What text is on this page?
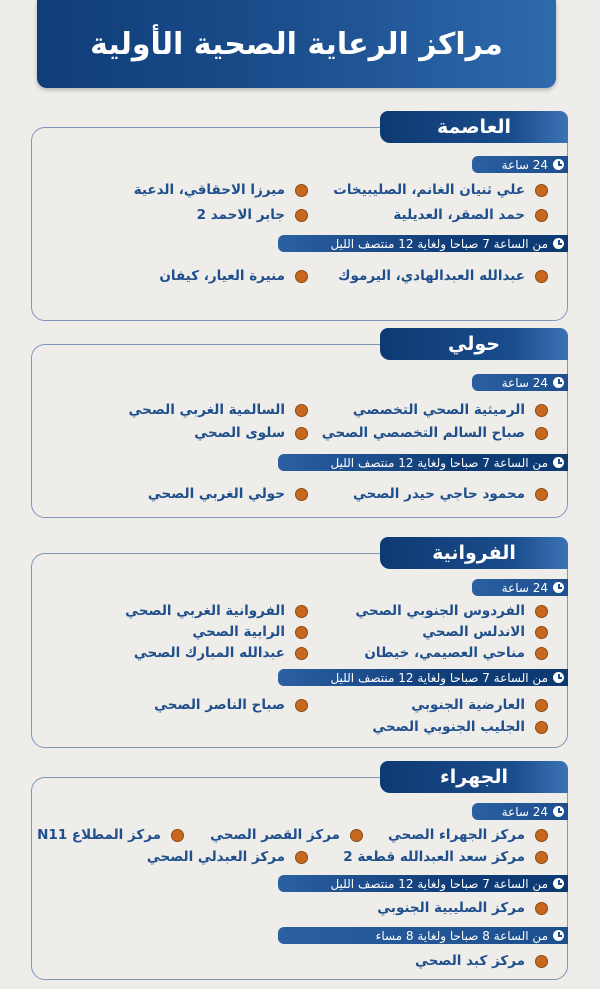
مراكز الرعاية الصحية الأولية
العاصمة
24 ساعة
علي ثنيان الغانم، الصليبيخات
ميرزا الاحقاقي، الدعية
حمد الصقر، العديلية
جابر الاحمد 2
من الساعة 7 صباحا ولغاية 12 منتصف الليل
عبدالله العبدالهادي، اليرموك
منيرة العيار، كيفان
حولي
24 ساعة
الرميثية الصحي التخصصي
السالمية الغربي الصحي
صباح السالم التخصصي الصحي
سلوى الصحي
من الساعة 7 صباحا ولغاية 12 منتصف الليل
محمود حاجي حيدر الصحي
حولي الغربي الصحي
الفروانية
24 ساعة
الفردوس الجنوبي الصحي
الفروانية الغربي الصحي
الاندلس الصحي
الرابية الصحي
مناحي العصيمي، خيطان
عبدالله المبارك الصحي
من الساعة 7 صباحا ولغاية 12 منتصف الليل
العارضية الجنوبي
صباح الناصر الصحي
الجليب الجنوبي الصحي
الجهراء
24 ساعة
مركز الجهراء الصحي
مركز القصر الصحي
مركز المطلاع N11
مركز سعد العبدالله قطعة 2
مركز العبدلي الصحي
من الساعة 7 صباحا ولغاية 12 منتصف الليل
مركز الصليبية الجنوبي
من الساعة 8 صباحا ولغاية 8 مساء
مركز كبد الصحي
